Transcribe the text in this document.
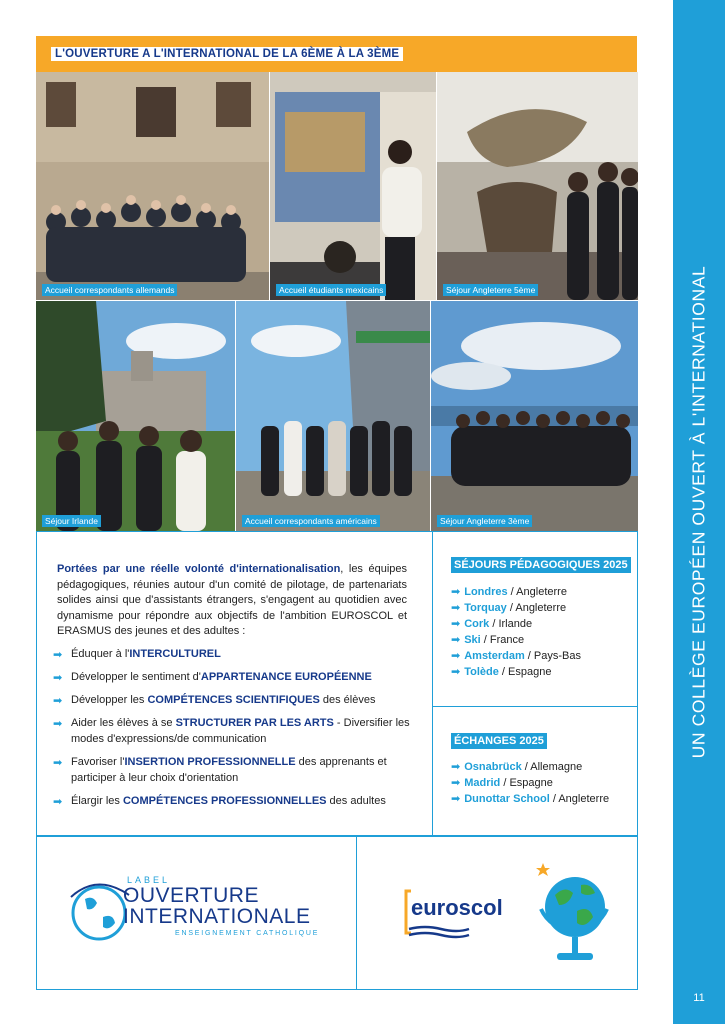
UN COLLÈGE EUROPÉEN OUVERT À L'INTERNATIONAL
11
L'OUVERTURE A L'INTERNATIONAL DE LA 6ÈME À LA 3ÈME
Accueil correspondants allemands	Accueil étudiants mexicains	Séjour Angleterre 5ème
Séjour Irlande	Accueil correspondants américains	Séjour Angleterre 3ème
Portées par une réelle volonté d'internationalisation, les équipes pédagogiques, réunies autour d'un comité de pilotage, de partenariats solides ainsi que d'assistants étrangers, s'engagent au quotidien avec dynamisme pour répondre aux objectifs de l'ambition EUROSCOL et ERASMUS des jeunes et des adultes :
➡ Éduquer à l'INTERCULTUREL
➡ Développer le sentiment d'APPARTENANCE EUROPÉENNE
➡ Développer les COMPÉTENCES SCIENTIFIQUES des élèves
➡ Aider les élèves à se STRUCTURER PAR LES ARTS - Diversifier les modes d'expressions/de communication
➡ Favoriser l'INSERTION PROFESSIONNELLE des apprenants et participer à leur choix d'orientation
➡ Élargir les COMPÉTENCES PROFESSIONNELLES des adultes
SÉJOURS PÉDAGOGIQUES 2025
➡ Londres / Angleterre
➡ Torquay / Angleterre
➡ Cork / Irlande
➡ Ski / France
➡ Amsterdam / Pays-Bas
➡ Tolède / Espagne
ÉCHANGES 2025
➡ Osnabrück / Allemagne
➡ Madrid / Espagne
➡ Dunottar School / Angleterre
LABEL
OUVERTURE
INTERNATIONALE
ENSEIGNEMENT CATHOLIQUE
euroscol
